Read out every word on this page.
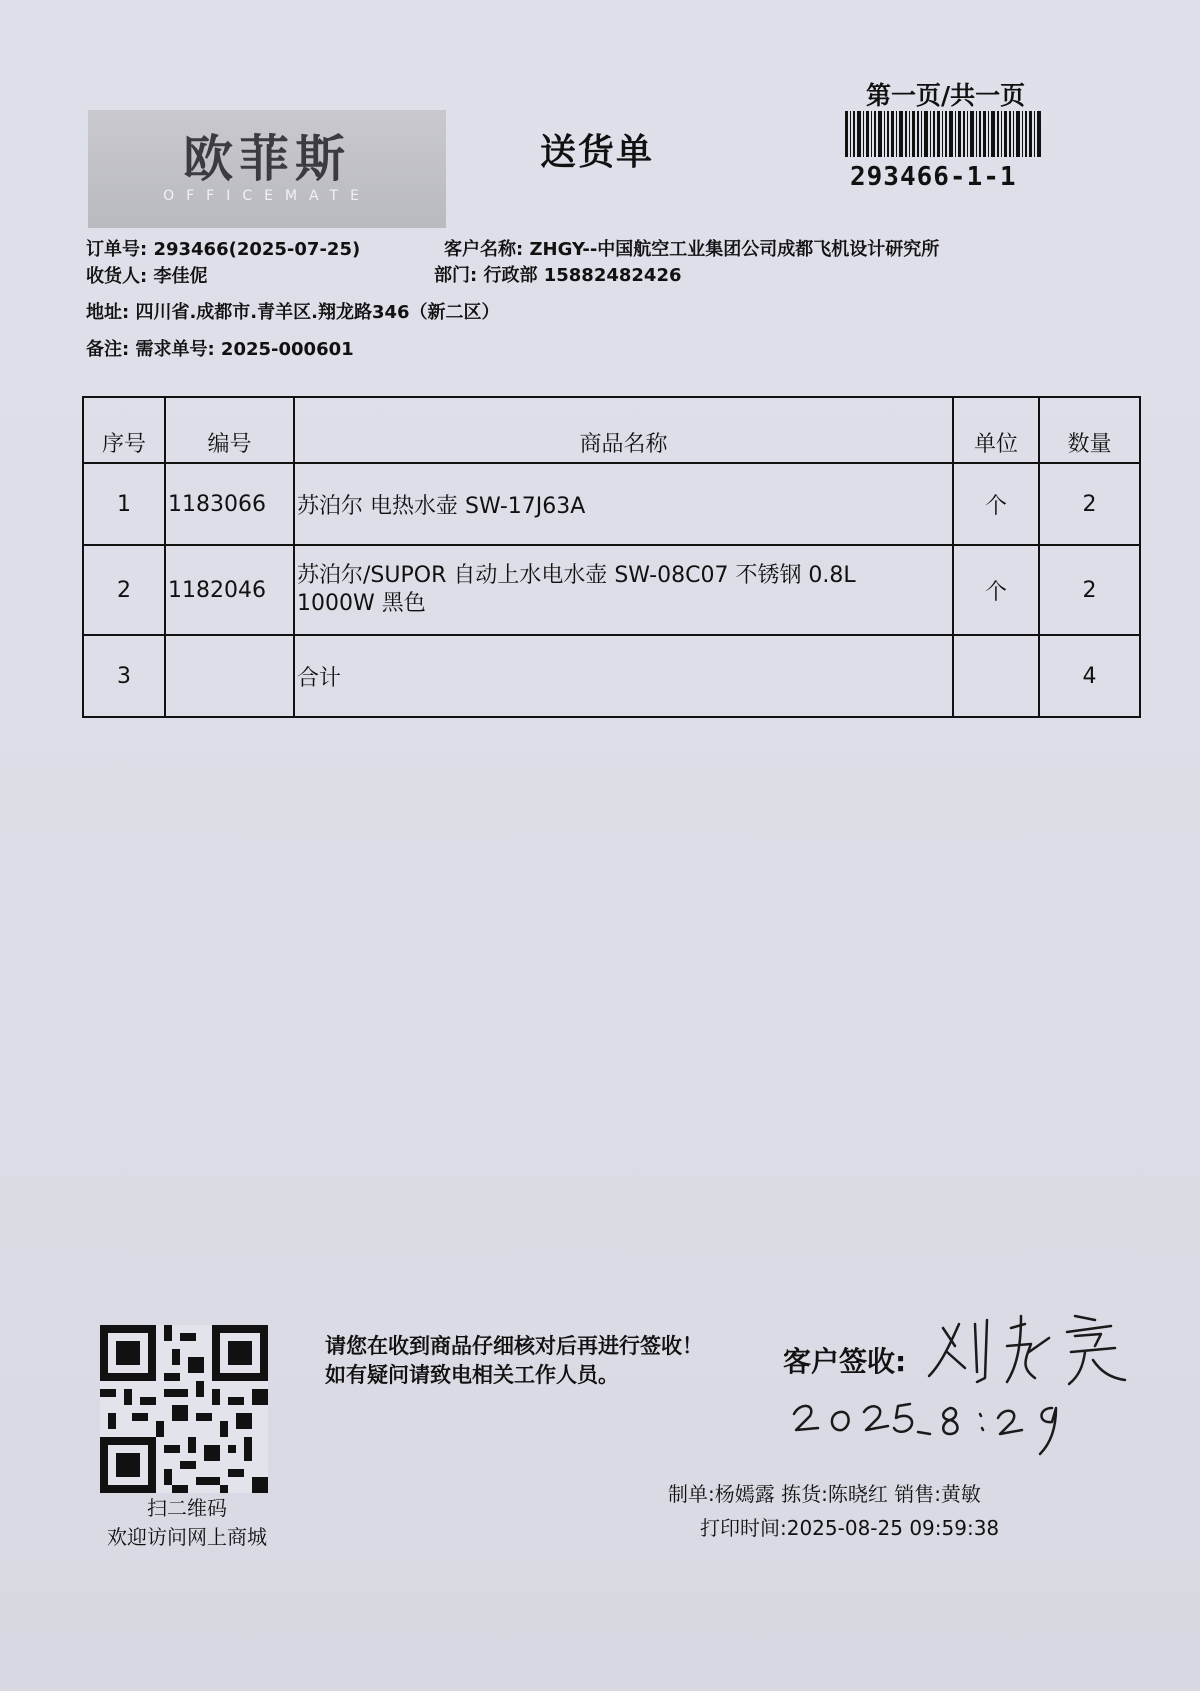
欧菲斯
OFFICEMATE
送货单
第一页/共一页
293466-1-1
订单号: 293466(2025-07-25)	客户名称: ZHGY--中国航空工业集团公司成都飞机设计研究所
收货人: 李佳伲	部门: 行政部 15882482426
地址: 四川省.成都市.青羊区.翔龙路346（新二区）
备注: 需求单号: 2025-000601
序号	编号	商品名称	单位	数量
1	1183066	苏泊尔 电热水壶 SW-17J63A	个	2
2	1182046	苏泊尔/SUPOR 自动上水电水壶 SW-08C07 不锈钢 0.8L 1000W 黑色	个	2
3		合计		4
扫二维码
欢迎访问网上商城
请您在收到商品仔细核对后再进行签收！如有疑问请致电相关工作人员。	客户签收:
制单:杨嫣露 拣货:陈晓红 销售:黄敏
打印时间:2025-08-25 09:59:38
